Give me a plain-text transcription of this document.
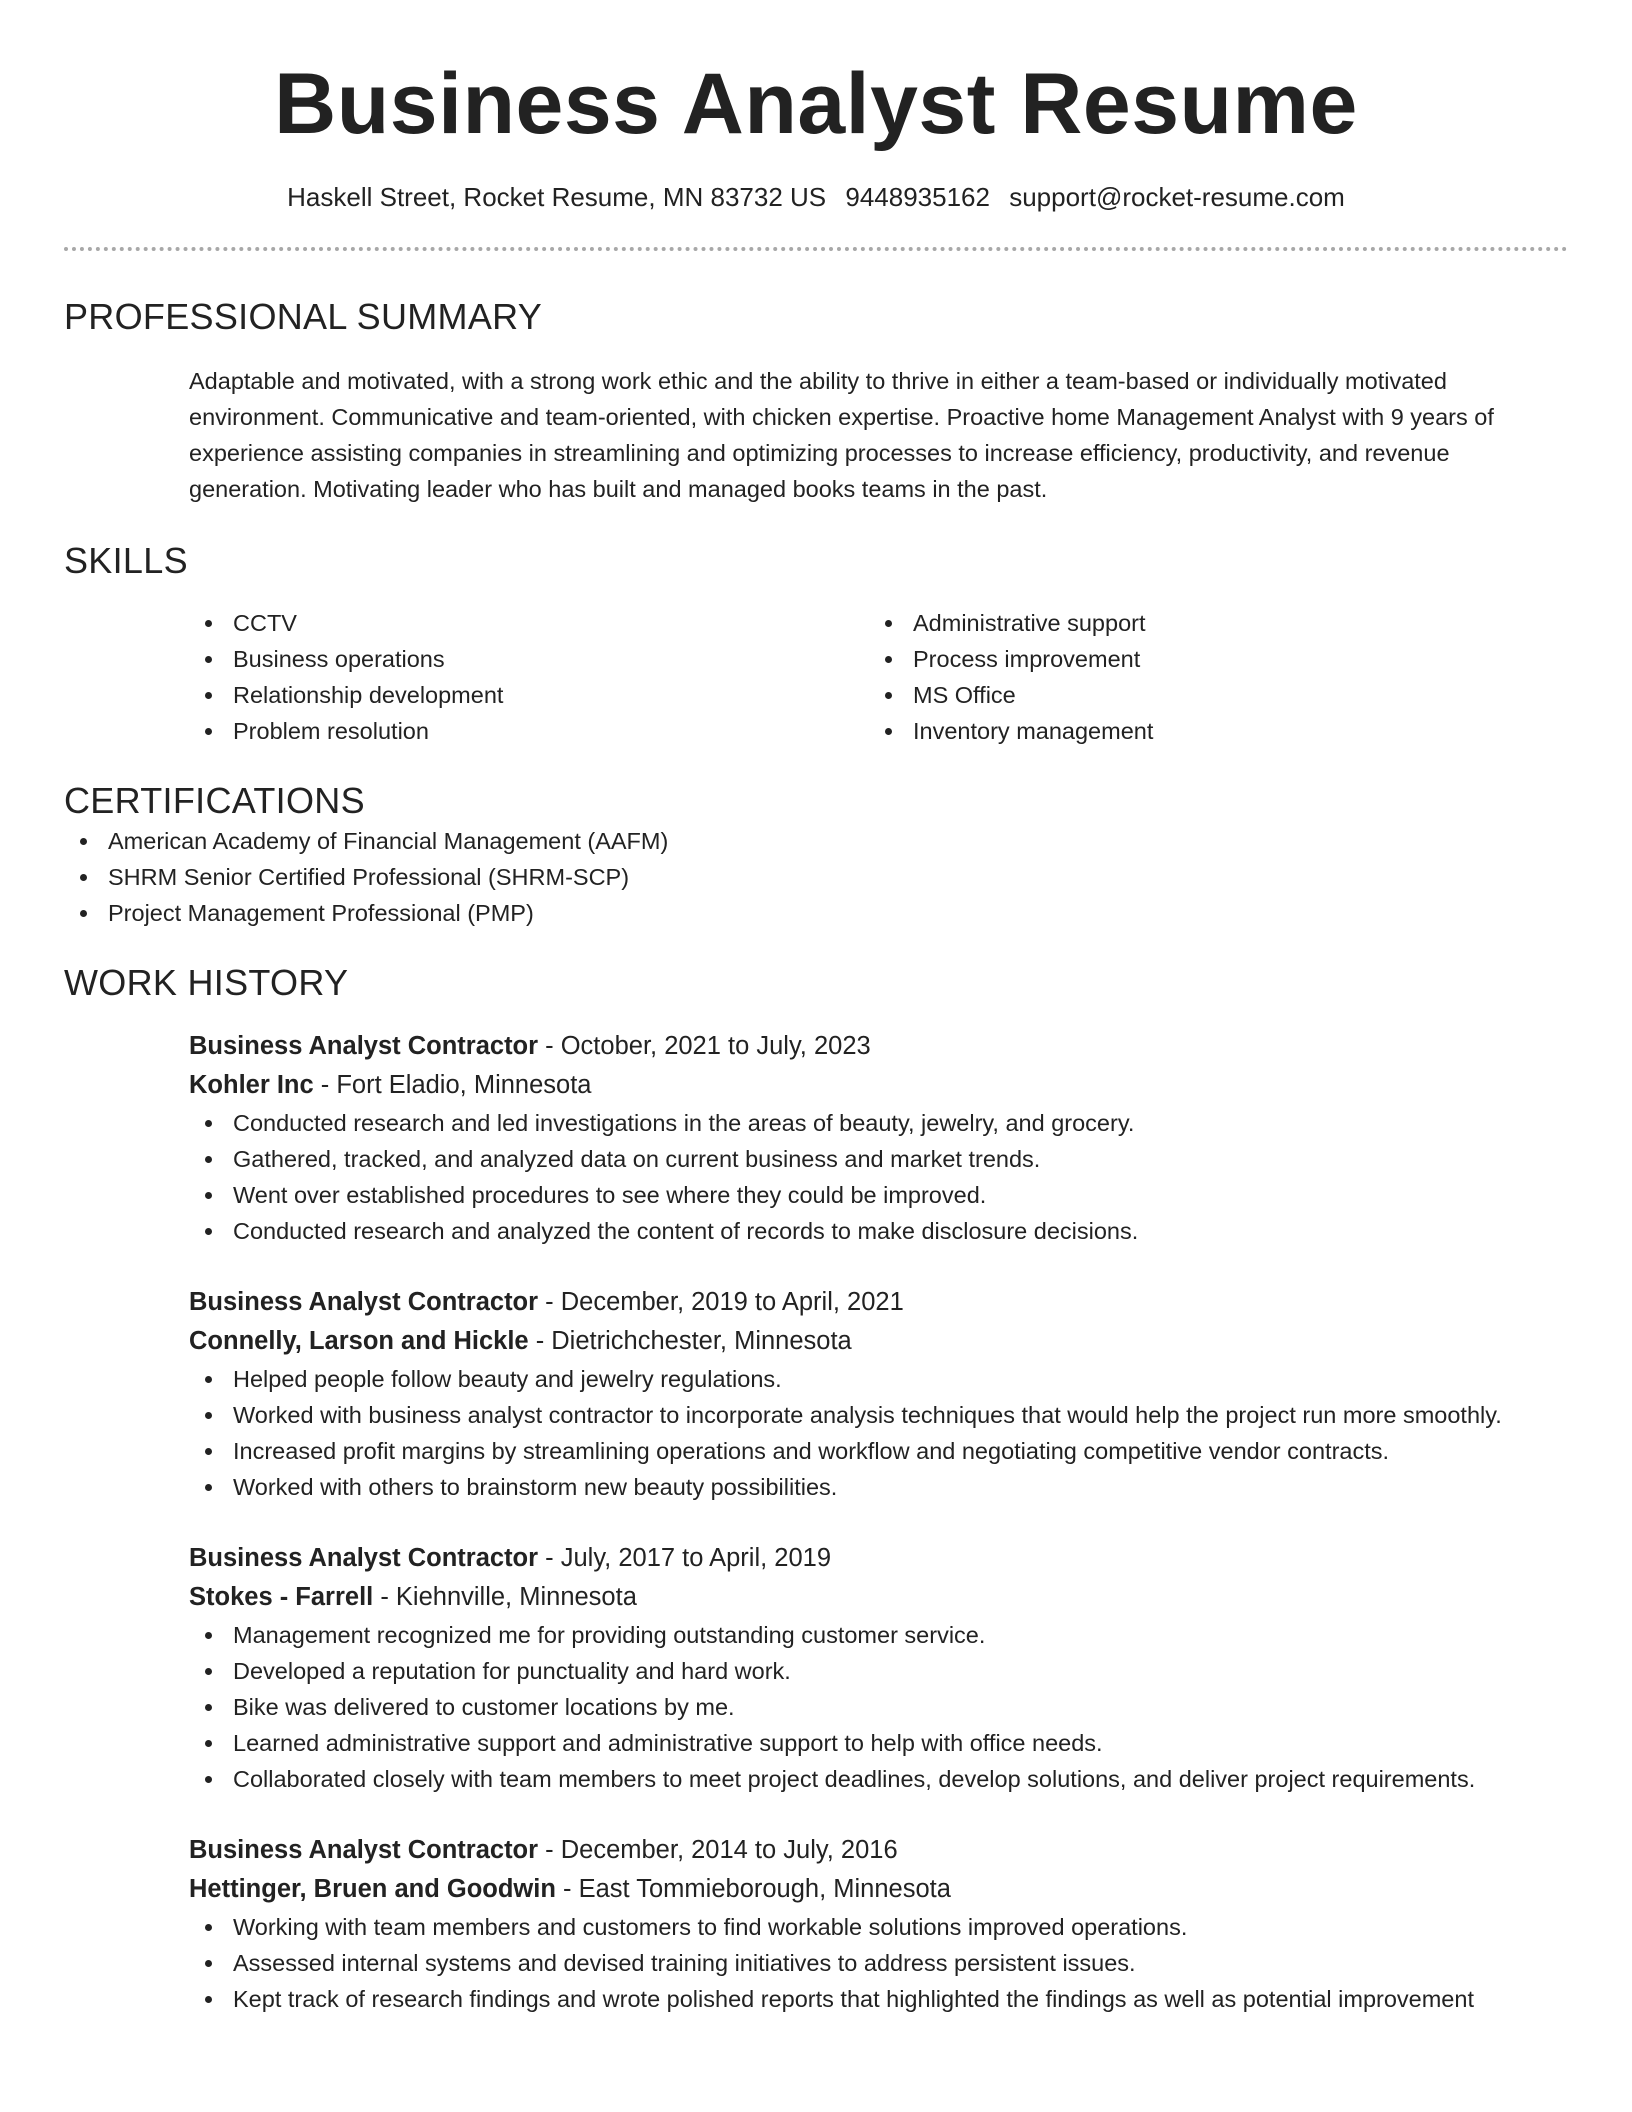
Business Analyst Resume
Haskell Street, Rocket Resume, MN 83732 US 9448935162 support@rocket-resume.com
PROFESSIONAL SUMMARY

Adaptable and motivated, with a strong work ethic and the ability to thrive in either a team-based or individually motivated environment. Communicative and team-oriented, with chicken expertise. Proactive home Management Analyst with 9 years of experience assisting companies in streamlining and optimizing processes to increase efficiency, productivity, and revenue generation. Motivating leader who has built and managed books teams in the past.

SKILLS
CCTV
Business operations
Relationship development
Problem resolution
Administrative support
Process improvement
MS Office
Inventory management
CERTIFICATIONS
American Academy of Financial Management (AAFM)
SHRM Senior Certified Professional (SHRM-SCP)
Project Management Professional (PMP)
WORK HISTORY
Business Analyst Contractor - October, 2021 to July, 2023
Kohler Inc - Fort Eladio, Minnesota
Conducted research and led investigations in the areas of beauty, jewelry, and grocery.
Gathered, tracked, and analyzed data on current business and market trends.
Went over established procedures to see where they could be improved.
Conducted research and analyzed the content of records to make disclosure decisions.
Business Analyst Contractor - December, 2019 to April, 2021
Connelly, Larson and Hickle - Dietrichchester, Minnesota
Helped people follow beauty and jewelry regulations.
Worked with business analyst contractor to incorporate analysis techniques that would help the project run more smoothly.
Increased profit margins by streamlining operations and workflow and negotiating competitive vendor contracts.
Worked with others to brainstorm new beauty possibilities.
Business Analyst Contractor - July, 2017 to April, 2019
Stokes - Farrell - Kiehnville, Minnesota
Management recognized me for providing outstanding customer service.
Developed a reputation for punctuality and hard work.
Bike was delivered to customer locations by me.
Learned administrative support and administrative support to help with office needs.
Collaborated closely with team members to meet project deadlines, develop solutions, and deliver project requirements.
Business Analyst Contractor - December, 2014 to July, 2016
Hettinger, Bruen and Goodwin - East Tommieborough, Minnesota
Working with team members and customers to find workable solutions improved operations.
Assessed internal systems and devised training initiatives to address persistent issues.
Kept track of research findings and wrote polished reports that highlighted the findings as well as potential improvement
